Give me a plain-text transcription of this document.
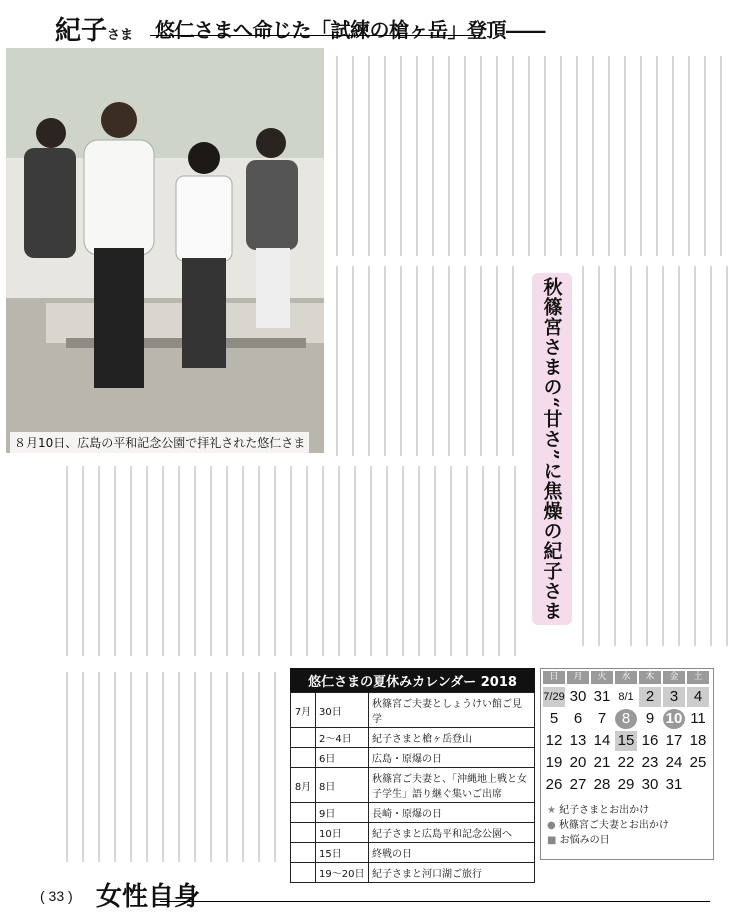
紀子さま 悠仁さまへ命じた「試練の槍ヶ岳」登頂――
８月10日、広島の平和記念公園で拝礼された悠仁さま	秋篠宮さまの“甘さ”に焦燥の紀子さま
悠仁さまの夏休みカレンダー 2018
7月	30日	秋篠宮ご夫妻としょうけい館ご見学
	2〜4日	紀子さまと槍ヶ岳登山
	6日	広島・原爆の日
8月	8日	秋篠宮ご夫妻と、「沖縄地上戦と女子学生」語り継ぐ集いご出席
	9日	長崎・原爆の日
	10日	紀子さまと広島平和記念公園へ
	15日	終戦の日
	19〜20日	紀子さまと河口湖ご旅行
日	月	火	水	木	金	土
7/29 30 31 8/1 2	3	4
5	6	7	8	9 10 11
12 13 14 15 16 17 18
19 20 21 22 23 24 25
26 27 28 29 30 31
★ 紀子さまとお出かけ
● 秋篠宮ご夫妻とお出かけ
■ お悩みの日
( 33 ) 女性自身
